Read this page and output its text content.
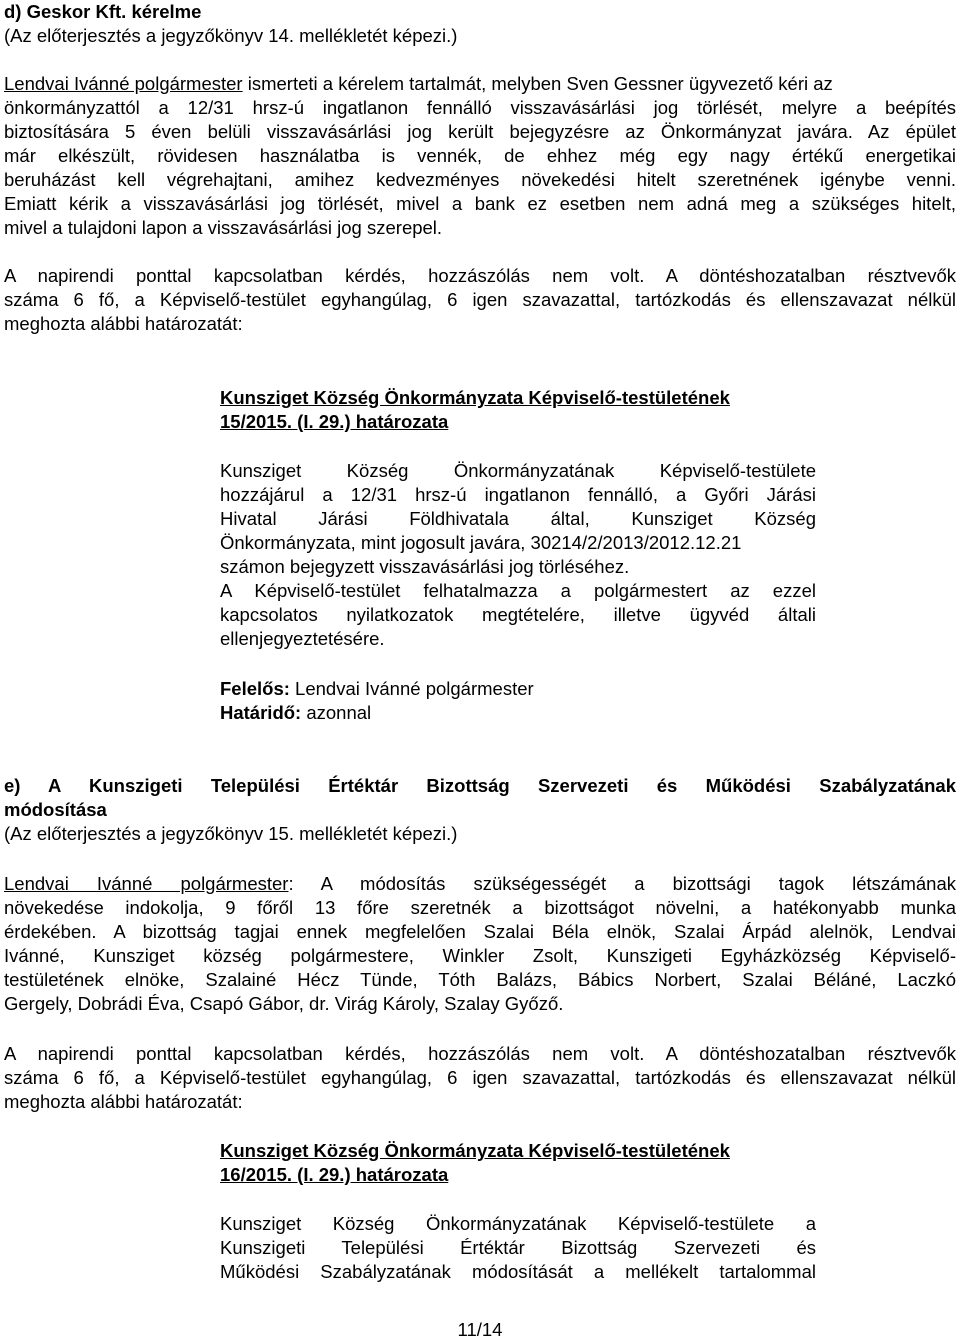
d) Geskor Kft. kérelme
(Az előterjesztés a jegyzőkönyv 14. mellékletét képezi.)
Lendvai Ivánné polgármester ismerteti a kérelem tartalmát, melyben Sven Gessner ügyvezető kéri az
önkormányzattól a 12/31 hrsz-ú ingatlanon fennálló visszavásárlási jog törlését, melyre a beépítés
biztosítására 5 éven belüli visszavásárlási jog került bejegyzésre az Önkormányzat javára. Az épület
már elkészült, rövidesen használatba is vennék, de ehhez még egy nagy értékű energetikai
beruházást kell végrehajtani, amihez kedvezményes növekedési hitelt szeretnének igénybe venni.
Emiatt kérik a visszavásárlási jog törlését, mivel a bank ez esetben nem adná meg a szükséges hitelt,
mivel a tulajdoni lapon a visszavásárlási jog szerepel.
A napirendi ponttal kapcsolatban kérdés, hozzászólás nem volt. A döntéshozatalban résztvevők
száma 6 fő, a Képviselő-testület egyhangúlag, 6 igen szavazattal, tartózkodás és ellenszavazat nélkül
meghozta alábbi határozatát:
Kunsziget Község Önkormányzata Képviselő-testületének
15/2015. (I. 29.) határozata
Kunsziget Község Önkormányzatának Képviselő-testülete
hozzájárul a 12/31 hrsz-ú ingatlanon fennálló, a Győri Járási
Hivatal Járási Földhivatala által, Kunsziget Község
Önkormányzata, mint jogosult javára, 30214/2/2013/2012.12.21
számon bejegyzett visszavásárlási jog törléséhez.
A Képviselő-testület felhatalmazza a polgármestert az ezzel
kapcsolatos nyilatkozatok megtételére, illetve ügyvéd általi
ellenjegyeztetésére.
Felelős: Lendvai Ivánné polgármester
Határidő: azonnal
e) A Kunszigeti Települési Értéktár Bizottság Szervezeti és Működési Szabályzatának
módosítása
(Az előterjesztés a jegyzőkönyv 15. mellékletét képezi.)
Lendvai Ivánné polgármester: A módosítás szükségességét a bizottsági tagok létszámának
növekedése indokolja, 9 főről 13 főre szeretnék a bizottságot növelni, a hatékonyabb munka
érdekében. A bizottság tagjai ennek megfelelően Szalai Béla elnök, Szalai Árpád alelnök, Lendvai
Ivánné, Kunsziget község polgármestere, Winkler Zsolt, Kunszigeti Egyházközség Képviselő-
testületének elnöke, Szalainé Hécz Tünde, Tóth Balázs, Bábics Norbert, Szalai Béláné, Laczkó
Gergely, Dobrádi Éva, Csapó Gábor, dr. Virág Károly, Szalay Győző.
A napirendi ponttal kapcsolatban kérdés, hozzászólás nem volt. A döntéshozatalban résztvevők
száma 6 fő, a Képviselő-testület egyhangúlag, 6 igen szavazattal, tartózkodás és ellenszavazat nélkül
meghozta alábbi határozatát:
Kunsziget Község Önkormányzata Képviselő-testületének
16/2015. (I. 29.) határozata
Kunsziget Község Önkormányzatának Képviselő-testülete a
Kunszigeti Települési Értéktár Bizottság Szervezeti és
Működési Szabályzatának módosítását a mellékelt tartalommal
11/14
